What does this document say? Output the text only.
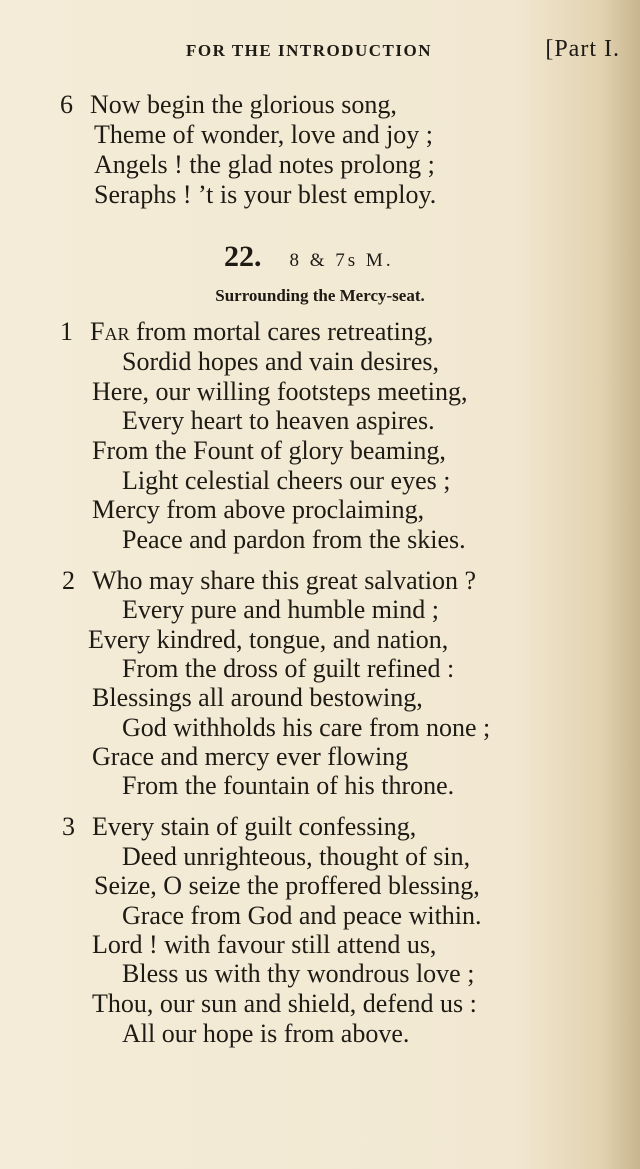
FOR THE INTRODUCTION	[Part I.
6 Now begin the glorious song,
Theme of wonder, love and joy ;
Angels ! the glad notes prolong ;
Seraphs ! ’t is your blest employ.
22. 8 & 7s M.
Surrounding the Mercy-seat.
1 Far from mortal cares retreating,
Sordid hopes and vain desires,
Here, our willing footsteps meeting,
Every heart to heaven aspires.
From the Fount of glory beaming,
Light celestial cheers our eyes ;
Mercy from above proclaiming,
Peace and pardon from the skies.
2 Who may share this great salvation ?
Every pure and humble mind ;
Every kindred, tongue, and nation,
From the dross of guilt refined :
Blessings all around bestowing,
God withholds his care from none ;
Grace and mercy ever flowing
From the fountain of his throne.
3 Every stain of guilt confessing,
Deed unrighteous, thought of sin,
Seize, O seize the proffered blessing,
Grace from God and peace within.
Lord ! with favour still attend us,
Bless us with thy wondrous love ;
Thou, our sun and shield, defend us :
All our hope is from above.
